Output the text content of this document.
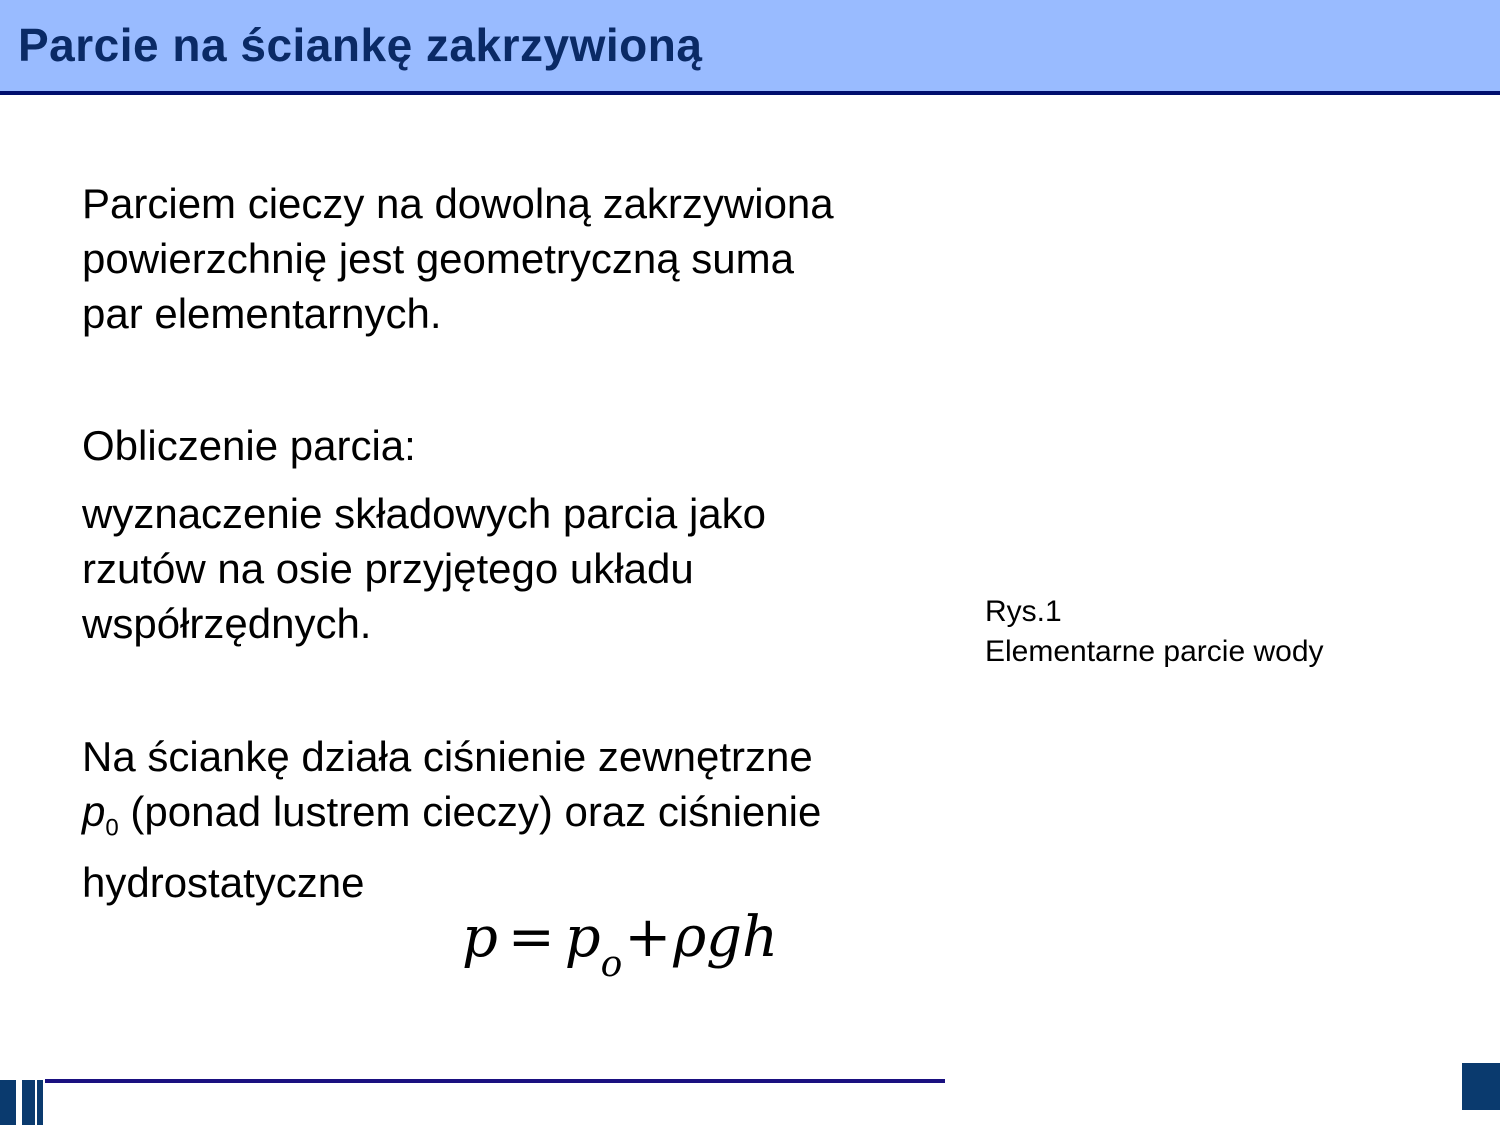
Parcie na ściankę zakrzywioną
Parciem cieczy na dowolną zakrzywiona
powierzchnię jest geometryczną suma
par elementarnych.
Obliczenie parcia:
wyznaczenie składowych parcia jako
rzutów na osie przyjętego układu
współrzędnych.
Na ściankę działa ciśnienie zewnętrzne
$p_0$ (ponad lustrem cieczy) oraz ciśnienie
hydrostatyczne
$p = p_o+\rho gh$
Rys.1
Elementarne parcie wody
